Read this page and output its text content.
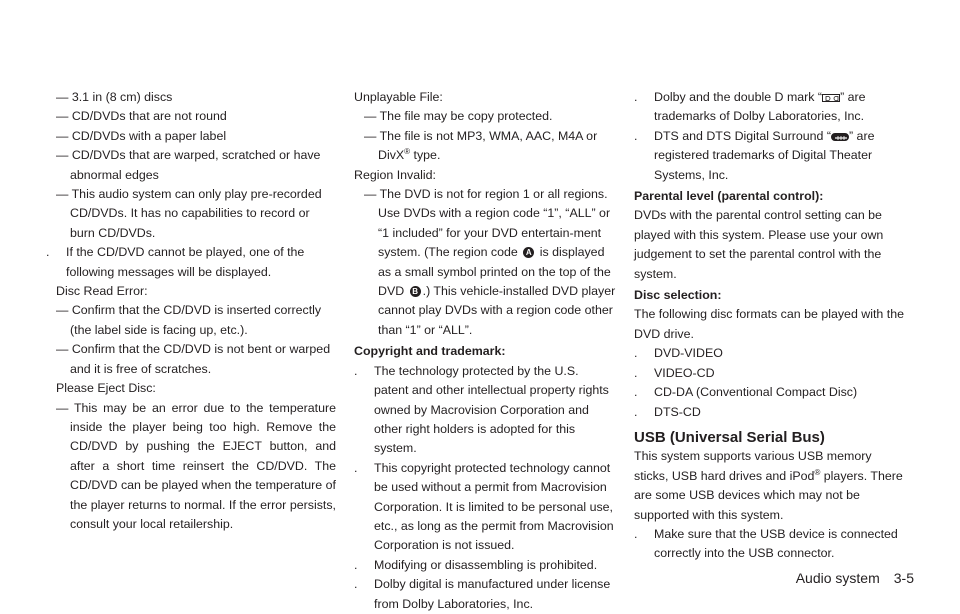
— 3.1 in (8 cm) discs

— CD/DVDs that are not round

— CD/DVDs with a paper label

— CD/DVDs that are warped, scratched or have abnormal edges

— This audio system can only play pre-recorded CD/DVDs. It has no capabilities to record or burn CD/DVDs.

. If the CD/DVD cannot be played, one of the following messages will be displayed.

Disc Read Error:

— Confirm that the CD/DVD is inserted correctly (the label side is facing up, etc.).

— Confirm that the CD/DVD is not bent or warped and it is free of scratches.

Please Eject Disc:

— This may be an error due to the temperature inside the player being too high. Remove the CD/DVD by pushing the EJECT button, and after a short time reinsert the CD/DVD. The CD/DVD can be played when the temperature of the player returns to normal. If the error persists, consult your local retailership.

Unplayable File:

— The file may be copy protected.

— The file is not MP3, WMA, AAC, M4A or DivX® type.

Region Invalid:

— The DVD is not for region 1 or all regions. Use DVDs with a region code “1”, “ALL” or “1 included” for your DVD entertain-ment system. (The region code A is displayed as a small symbol printed on the top of the DVD B .) This vehicle-installed DVD player cannot play DVDs with a region code other than “1” or “ALL”.

Copyright and trademark:

. The technology protected by the U.S. patent and other intellectual property rights owned by Macrovision Corporation and other right holders is adopted for this system.

. This copyright protected technology cannot be used without a permit from Macrovision Corporation. It is limited to be personal use, etc., as long as the permit from Macrovision Corporation is not issued.

. Modifying or disassembling is prohibited.

. Dolby digital is manufactured under license from Dolby Laboratories, Inc.

. Dolby and the double D mark “ ” are trademarks of Dolby Laboratories, Inc.

. DTS and DTS Digital Surround “ ” are registered trademarks of Digital Theater Systems, Inc.

Parental level (parental control):

DVDs with the parental control setting can be played with this system. Please use your own judgement to set the parental control with the system.

Disc selection:

The following disc formats can be played with the DVD drive.

. DVD-VIDEO

. VIDEO-CD

. CD-DA (Conventional Compact Disc)

. DTS-CD

USB (Universal Serial Bus)

This system supports various USB memory sticks, USB hard drives and iPod® players. There are some USB devices which may not be supported with this system.

. Make sure that the USB device is connected correctly into the USB connector.

Audio system 3-5
